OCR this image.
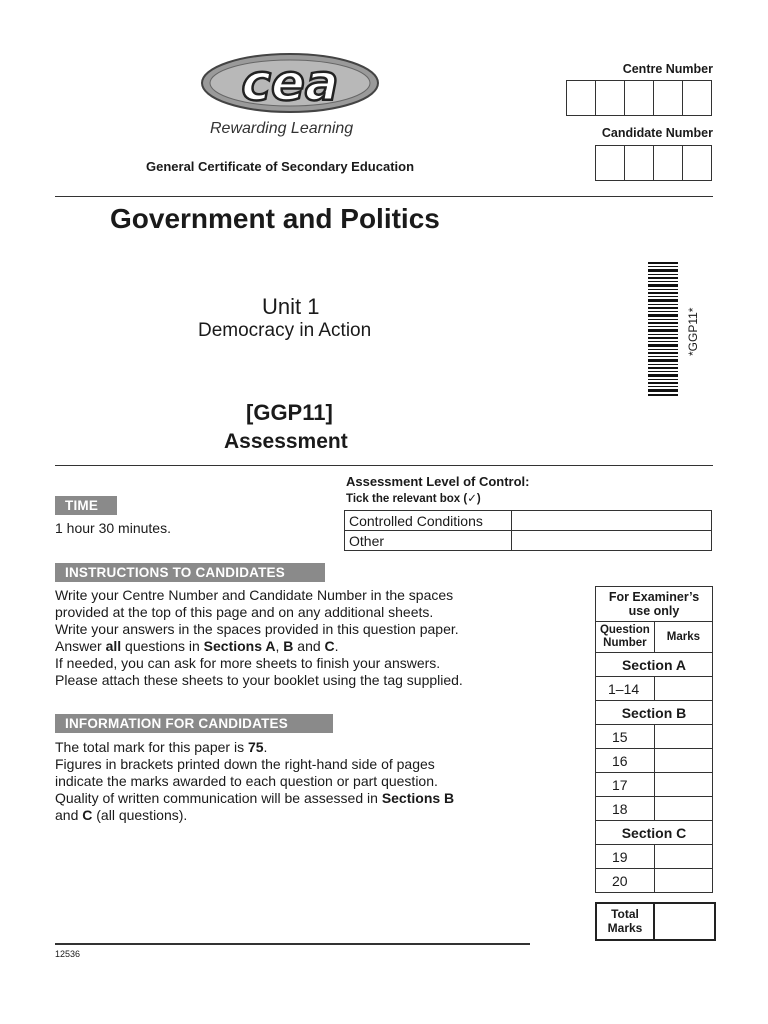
cea
Rewarding Learning
General Certificate of Secondary Education
Centre Number
Candidate Number
Government and Politics
Unit 1
Democracy in Action
[GGP11]
Assessment
*GGP11*
Assessment Level of Control:
Tick the relevant box (✓)
Controlled Conditions	
Other	
TIME
1 hour 30 minutes.
INSTRUCTIONS TO CANDIDATES

Write your Centre Number and Candidate Number in the spaces

provided at the top of this page and on any additional sheets.

Write your answers in the spaces provided in this question paper.

Answer all questions in Sections A, B and C.

If needed, you can ask for more sheets to finish your answers.

Please attach these sheets to your booklet using the tag supplied.

INFORMATION FOR CANDIDATES

The total mark for this paper is 75.

Figures in brackets printed down the right-hand side of pages

indicate the marks awarded to each question or part question.

Quality of written communication will be assessed in Sections B

and C (all questions).

For Examiner’s use only	
Question Number	Marks
Section A	
1–14	
Section B	
15	
16	
17	
18	
Section C	
19	
20	
Total Marks
12536
